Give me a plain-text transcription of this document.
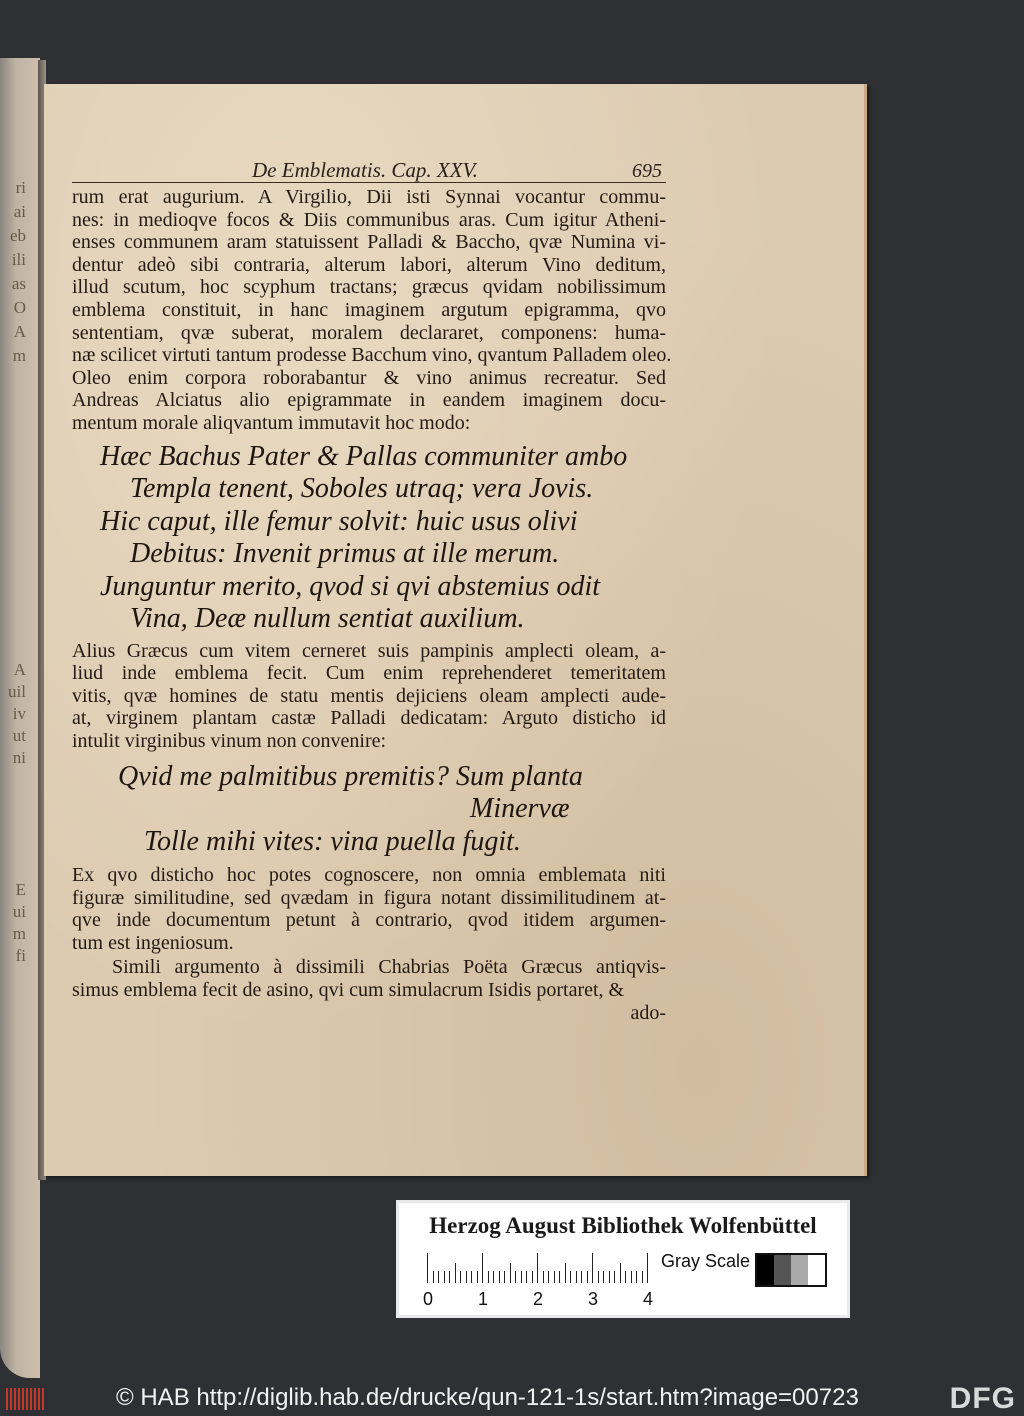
ri
ai
eb
ili
as
O
A
m
A
uil
iv
ut
ni
E
ui
m
fi
De Emblematis. Cap. XXV.	695
rum erat augurium. A Virgilio, Dii isti Synnai vocantur commu-
nes: in medioqve focos & Diis communibus aras. Cum igitur Atheni-
enses communem aram statuissent Palladi & Baccho, qvæ Numina vi-
dentur adeò sibi contraria, alterum labori, alterum Vino deditum,
illud scutum, hoc scyphum tractans; græcus qvidam nobilissimum
emblema constituit, in hanc imaginem argutum epigramma, qvo
sententiam, qvæ suberat, moralem declararet, componens: huma-
næ scilicet virtuti tantum prodesse Bacchum vino, qvantum Palladem oleo.
Oleo enim corpora roborabantur & vino animus recreatur. Sed
Andreas Alciatus alio epigrammate in eandem imaginem docu-
mentum morale aliqvantum immutavit hoc modo:
Hæc Bachus Pater & Pallas communiter ambo
Templa tenent, Soboles utraq; vera Jovis.
Hic caput, ille femur solvit: huic usus olivi
Debitus: Invenit primus at ille merum.
Junguntur merito, qvod si qvi abstemius odit
Vina, Deæ nullum sentiat auxilium.
Alius Græcus cum vitem cerneret suis pampinis amplecti oleam, a-
liud inde emblema fecit. Cum enim reprehenderet temeritatem
vitis, qvæ homines de statu mentis dejiciens oleam amplecti aude-
at, virginem plantam castæ Palladi dedicatam: Arguto disticho id
intulit virginibus vinum non convenire:
Qvid me palmitibus premitis? Sum planta
Minervæ
Tolle mihi vites: vina puella fugit.
Ex qvo disticho hoc potes cognoscere, non omnia emblemata niti
figuræ similitudine, sed qvædam in figura notant dissimilitudinem at-
qve inde documentum petunt à contrario, qvod itidem argumen-
tum est ingeniosum.
Simili argumento à dissimili Chabrias Poëta Græcus antiqvis-
simus emblema fecit de asino, qvi cum simulacrum Isidis portaret, &
ado-
Herzog August Bibliothek Wolfenbüttel
0 1 2 3 4
Gray Scale
© HAB http://diglib.hab.de/drucke/qun-121-1s/start.htm?image=00723	DFG
